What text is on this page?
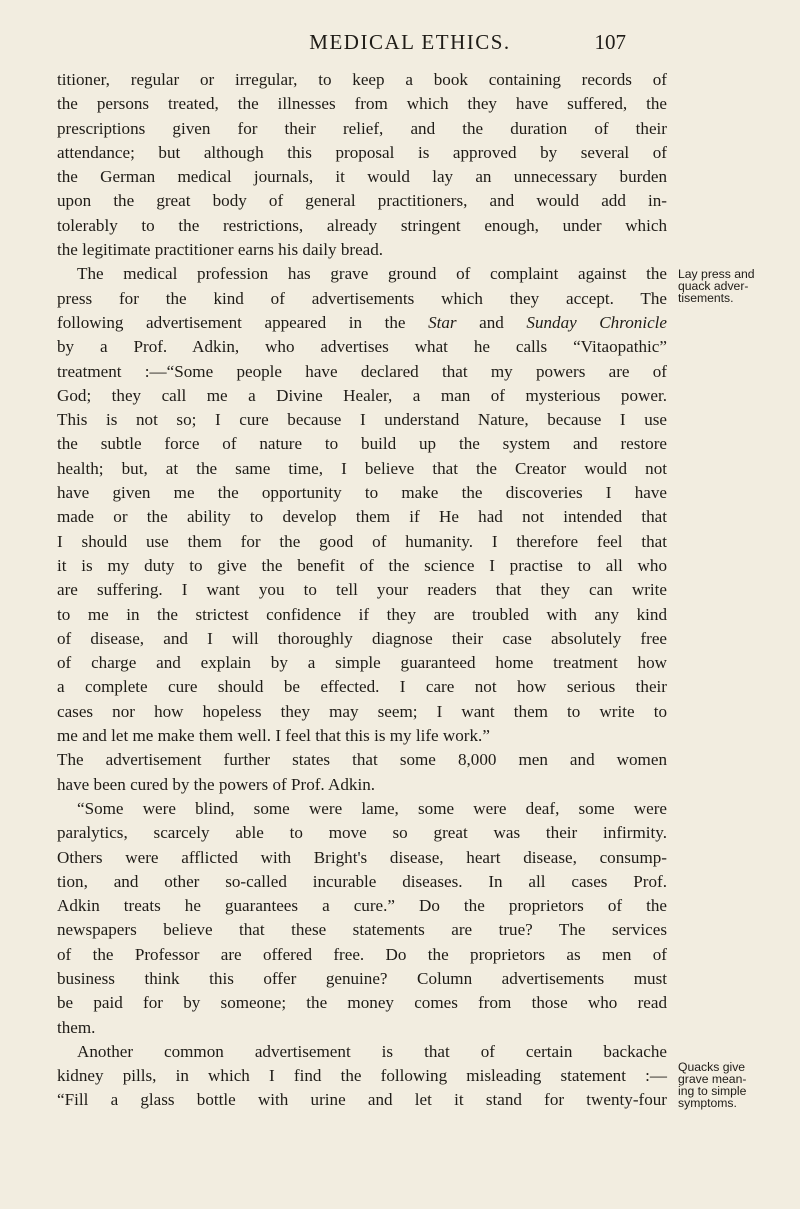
MEDICAL ETHICS.	107
titioner, regular or irregular, to keep a book containing records of
the persons treated, the illnesses from which they have suffered, the
prescriptions given for their relief, and the duration of their
attendance; but although this proposal is approved by several of
the German medical journals, it would lay an unnecessary burden
upon the great body of general practitioners, and would add in-
tolerably to the restrictions, already stringent enough, under which
the legitimate practitioner earns his daily bread.
The medical profession has grave ground of complaint against the
press for the kind of advertisements which they accept. The
following advertisement appeared in the Star and Sunday Chronicle
by a Prof. Adkin, who advertises what he calls “Vitaopathic”
treatment :—“Some people have declared that my powers are of
God; they call me a Divine Healer, a man of mysterious power.
This is not so; I cure because I understand Nature, because I use
the subtle force of nature to build up the system and restore
health; but, at the same time, I believe that the Creator would not
have given me the opportunity to make the discoveries I have
made or the ability to develop them if He had not intended that
I should use them for the good of humanity. I therefore feel that
it is my duty to give the benefit of the science I practise to all who
are suffering. I want you to tell your readers that they can write
to me in the strictest confidence if they are troubled with any kind
of disease, and I will thoroughly diagnose their case absolutely free
of charge and explain by a simple guaranteed home treatment how
a complete cure should be effected. I care not how serious their
cases nor how hopeless they may seem; I want them to write to
me and let me make them well. I feel that this is my life work.”
The advertisement further states that some 8,000 men and women
have been cured by the powers of Prof. Adkin.
“Some were blind, some were lame, some were deaf, some were
paralytics, scarcely able to move so great was their infirmity.
Others were afflicted with Bright's disease, heart disease, consump-
tion, and other so-called incurable diseases. In all cases Prof.
Adkin treats he guarantees a cure.” Do the proprietors of the
newspapers believe that these statements are true? The services
of the Professor are offered free. Do the proprietors as men of
business think this offer genuine? Column advertisements must
be paid for by someone; the money comes from those who read
them.
Another common advertisement is that of certain backache
kidney pills, in which I find the following misleading statement :—
“Fill a glass bottle with urine and let it stand for twenty-four
Lay press and
quack adver-
tisements.
Quacks give
grave mean-
ing to simple
symptoms.
